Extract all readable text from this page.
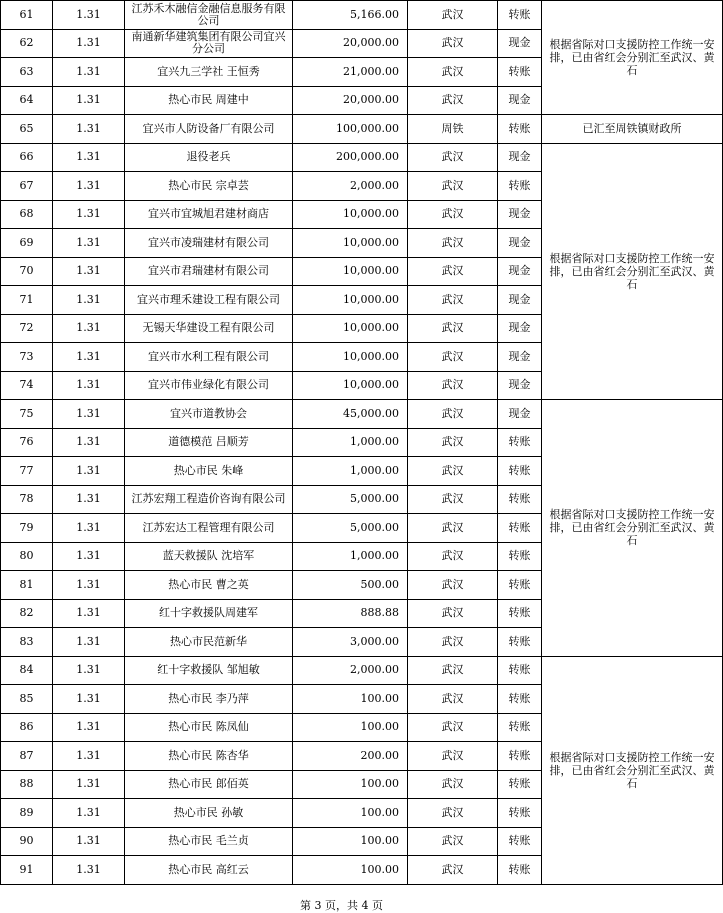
61	1.31	江苏禾木融信金融信息服务有限公司	5,166.00	武汉	转账	根据省际对口支援防控工作统一安排，已由省红会分别汇至武汉、黄石
62	1.31	南通新华建筑集团有限公司宜兴分公司	20,000.00	武汉	现金	
63	1.31	宜兴九三学社 王恒秀	21,000.00	武汉	转账	
64	1.31	热心市民 周建中	20,000.00	武汉	现金	
65	1.31	宜兴市人防设备厂有限公司	100,000.00	周铁	转账	已汇至周铁镇财政所
66	1.31	退役老兵	200,000.00	武汉	现金	根据省际对口支援防控工作统一安排，已由省红会分别汇至武汉、黄石
67	1.31	热心市民 宗卓芸	2,000.00	武汉	转账	
68	1.31	宜兴市宜城旭君建材商店	10,000.00	武汉	现金	
69	1.31	宜兴市凌瑞建材有限公司	10,000.00	武汉	现金	
70	1.31	宜兴市君瑞建材有限公司	10,000.00	武汉	现金	
71	1.31	宜兴市理禾建设工程有限公司	10,000.00	武汉	现金	
72	1.31	无锡天华建设工程有限公司	10,000.00	武汉	现金	
73	1.31	宜兴市水利工程有限公司	10,000.00	武汉	现金	
74	1.31	宜兴市伟业绿化有限公司	10,000.00	武汉	现金	
75	1.31	宜兴市道教协会	45,000.00	武汉	现金	根据省际对口支援防控工作统一安排，已由省红会分别汇至武汉、黄石
76	1.31	道德模范 吕顺芳	1,000.00	武汉	转账	
77	1.31	热心市民 朱峰	1,000.00	武汉	转账	
78	1.31	江苏宏翔工程造价咨询有限公司	5,000.00	武汉	转账	
79	1.31	江苏宏达工程管理有限公司	5,000.00	武汉	转账	
80	1.31	蓝天救援队 沈培军	1,000.00	武汉	转账	
81	1.31	热心市民 曹之英	500.00	武汉	转账	
82	1.31	红十字救援队周建军	888.88	武汉	转账	
83	1.31	热心市民范新华	3,000.00	武汉	转账	
84	1.31	红十字救援队 邹旭敏	2,000.00	武汉	转账	根据省际对口支援防控工作统一安排，已由省红会分别汇至武汉、黄石
85	1.31	热心市民 李乃萍	100.00	武汉	转账	
86	1.31	热心市民 陈凤仙	100.00	武汉	转账	
87	1.31	热心市民 陈杏华	200.00	武汉	转账	
88	1.31	热心市民 郎佰英	100.00	武汉	转账	
89	1.31	热心市民 孙敏	100.00	武汉	转账	
90	1.31	热心市民 毛兰贞	100.00	武汉	转账	
91	1.31	热心市民 高红云	100.00	武汉	转账	
第 3 页，共 4 页
